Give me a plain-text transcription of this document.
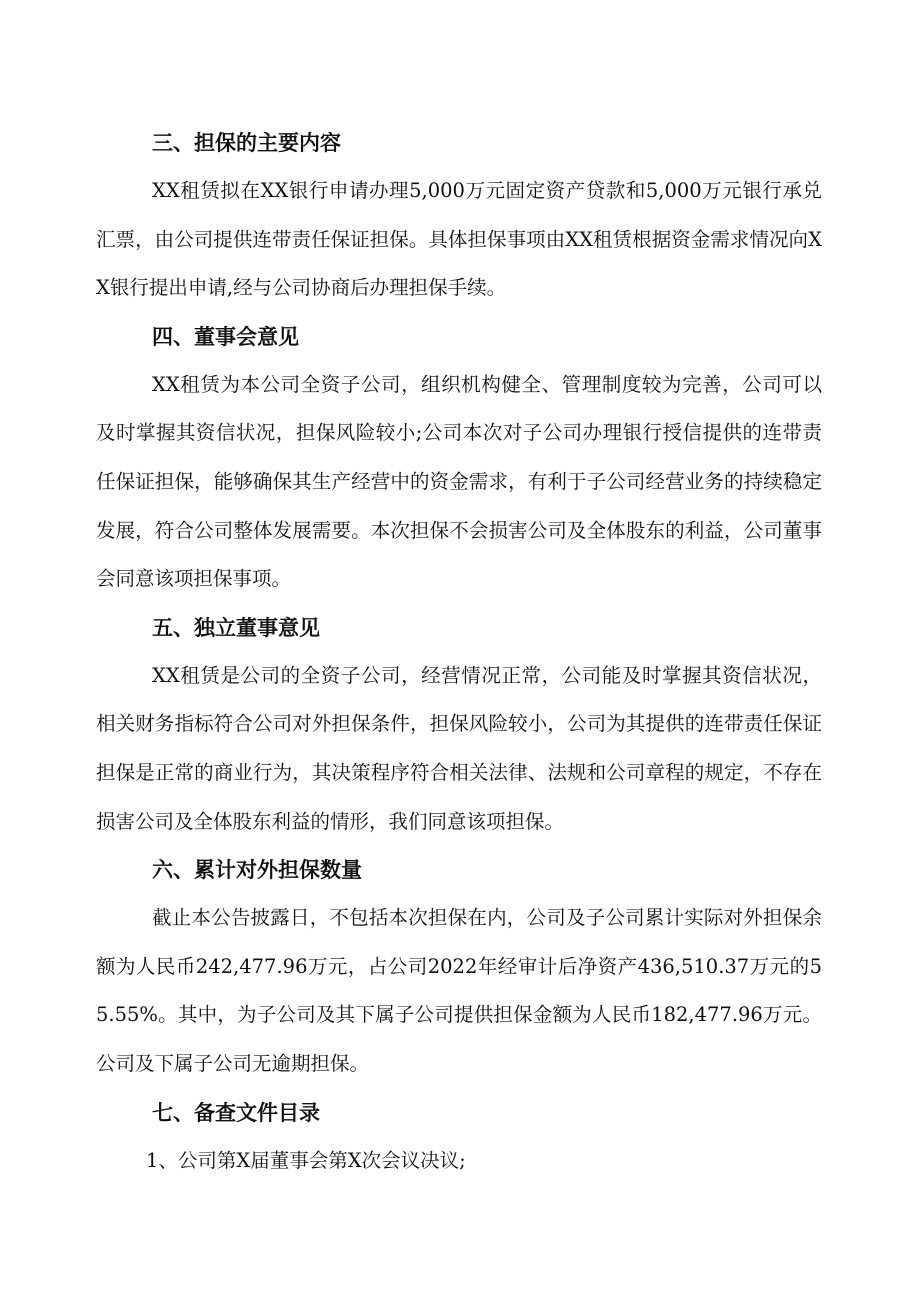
三、担保的主要内容

XX租赁拟在XX银行申请办理5,000万元固定资产贷款和5,000万元银行承兑汇票，由公司提供连带责任保证担保。具体担保事项由XX租赁根据资金需求情况向XX银行提出申请,经与公司协商后办理担保手续。

四、董事会意见

XX租赁为本公司全资子公司，组织机构健全、管理制度较为完善，公司可以及时掌握其资信状况，担保风险较小;公司本次对子公司办理银行授信提供的连带责任保证担保，能够确保其生产经营中的资金需求，有利于子公司经营业务的持续稳定发展，符合公司整体发展需要。本次担保不会损害公司及全体股东的利益，公司董事会同意该项担保事项。

五、独立董事意见

XX租赁是公司的全资子公司，经营情况正常，公司能及时掌握其资信状况，相关财务指标符合公司对外担保条件，担保风险较小，公司为其提供的连带责任保证担保是正常的商业行为，其决策程序符合相关法律、法规和公司章程的规定，不存在损害公司及全体股东利益的情形，我们同意该项担保。

六、累计对外担保数量

截止本公告披露日，不包括本次担保在内，公司及子公司累计实际对外担保余额为人民币242,477.96万元，占公司2022年经审计后净资产436,510.37万元的55.55%。其中，为子公司及其下属子公司提供担保金额为人民币182,477.96万元。公司及下属子公司无逾期担保。

七、备查文件目录

1、公司第X届董事会第X次会议决议;
